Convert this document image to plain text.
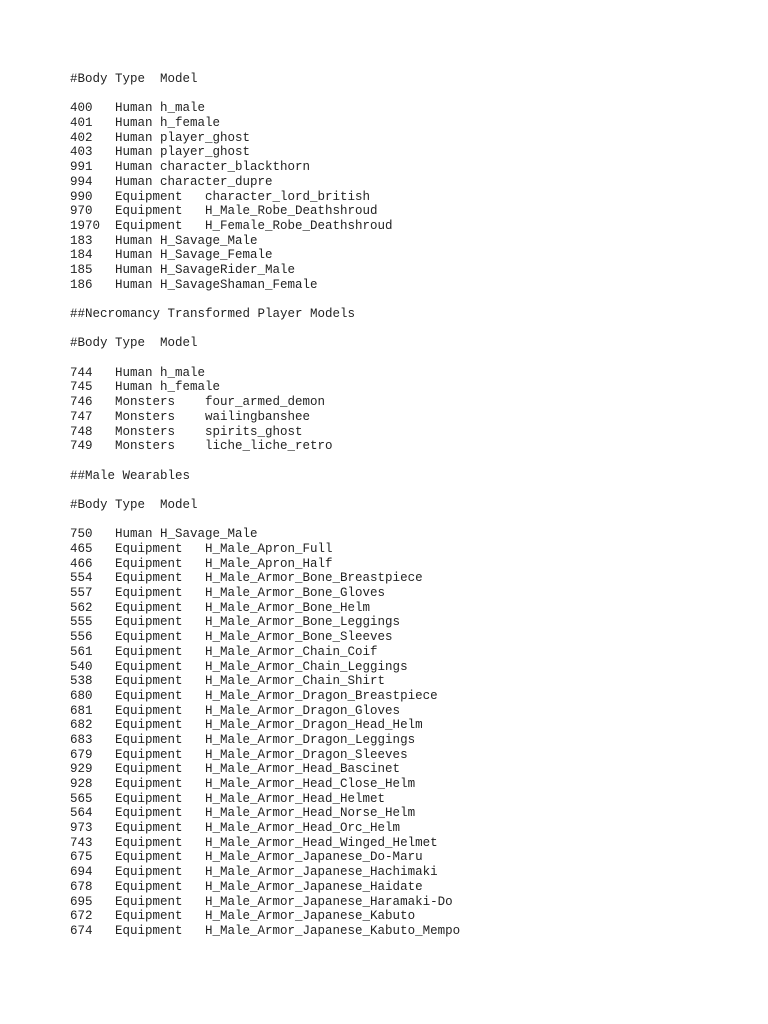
#Body Type  Model
400	Human	h_male
401	Human	h_female
402	Human	player_ghost
403	Human	player_ghost
991	Human	character_blackthorn
994	Human	character_dupre
990	Equipment	character_lord_british
970	Equipment	H_Male_Robe_Deathshroud
1970	Equipment	H_Female_Robe_Deathshroud
183	Human	H_Savage_Male
184	Human	H_Savage_Female
185	Human	H_SavageRider_Male
186	Human	H_SavageShaman_Female
##Necromancy Transformed Player Models
#Body Type  Model
744	Human	h_male
745	Human	h_female
746	Monsters	four_armed_demon
747	Monsters	wailingbanshee
748	Monsters	spirits_ghost
749	Monsters	liche_liche_retro
##Male Wearables
#Body Type  Model
750	Human	H_Savage_Male
465	Equipment	H_Male_Apron_Full
466	Equipment	H_Male_Apron_Half
554	Equipment	H_Male_Armor_Bone_Breastpiece
557	Equipment	H_Male_Armor_Bone_Gloves
562	Equipment	H_Male_Armor_Bone_Helm
555	Equipment	H_Male_Armor_Bone_Leggings
556	Equipment	H_Male_Armor_Bone_Sleeves
561	Equipment	H_Male_Armor_Chain_Coif
540	Equipment	H_Male_Armor_Chain_Leggings
538	Equipment	H_Male_Armor_Chain_Shirt
680	Equipment	H_Male_Armor_Dragon_Breastpiece
681	Equipment	H_Male_Armor_Dragon_Gloves
682	Equipment	H_Male_Armor_Dragon_Head_Helm
683	Equipment	H_Male_Armor_Dragon_Leggings
679	Equipment	H_Male_Armor_Dragon_Sleeves
929	Equipment	H_Male_Armor_Head_Bascinet
928	Equipment	H_Male_Armor_Head_Close_Helm
565	Equipment	H_Male_Armor_Head_Helmet
564	Equipment	H_Male_Armor_Head_Norse_Helm
973	Equipment	H_Male_Armor_Head_Orc_Helm
743	Equipment	H_Male_Armor_Head_Winged_Helmet
675	Equipment	H_Male_Armor_Japanese_Do-Maru
694	Equipment	H_Male_Armor_Japanese_Hachimaki
678	Equipment	H_Male_Armor_Japanese_Haidate
695	Equipment	H_Male_Armor_Japanese_Haramaki-Do
672	Equipment	H_Male_Armor_Japanese_Kabuto
674	Equipment	H_Male_Armor_Japanese_Kabuto_Mempo
